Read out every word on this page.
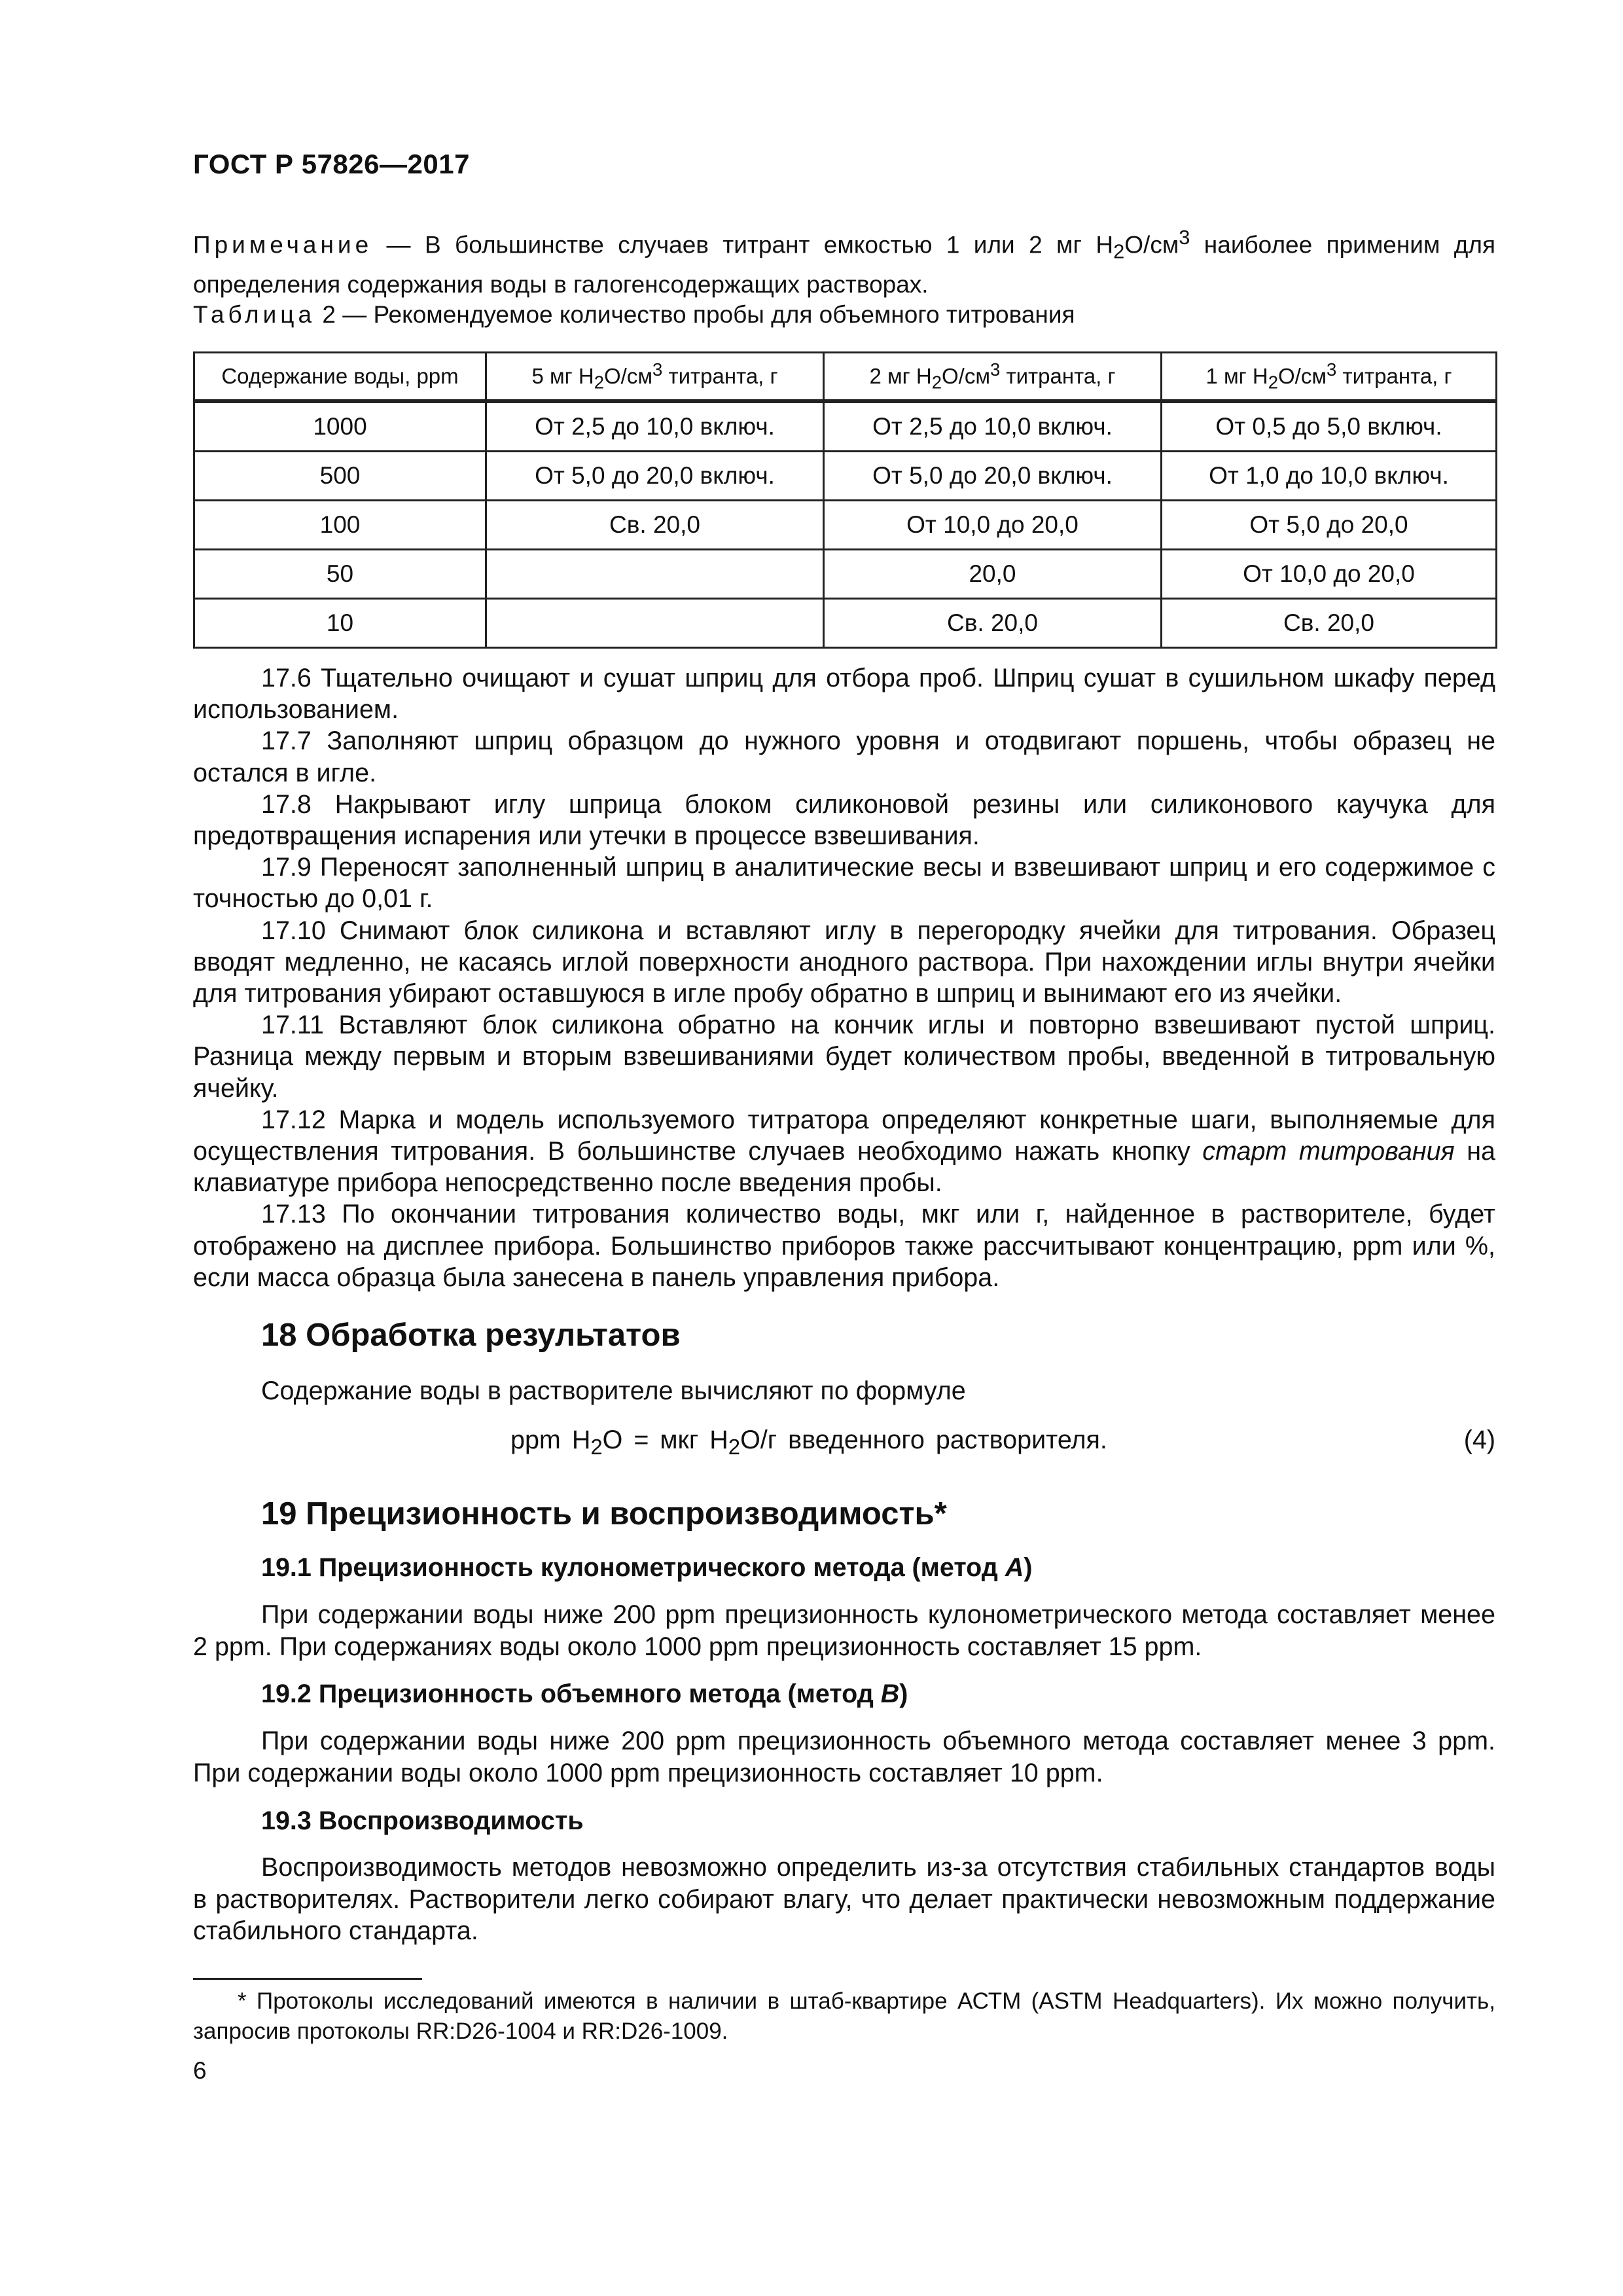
ГОСТ Р 57826—2017
Примечание — В большинстве случаев титрант емкостью 1 или 2 мг $H_2O/см^3$ наиболее применим для определения содержания воды в галогенсодержащих растворах.
Таблица 2 — Рекомендуемое количество пробы для объемного титрования
Содержание воды, ppm	5 мг $H_2O/см^3$ титранта, г	2 мг $H_2O/см^3$ титранта, г	1 мг $H_2O/см^3$ титранта, г
1000	От 2,5 до 10,0 включ.	От 2,5 до 10,0 включ.	От 0,5 до 5,0 включ.
500	От 5,0 до 20,0 включ.	От 5,0 до 20,0 включ.	От 1,0 до 10,0 включ.
100	Св. 20,0	От 10,0 до 20,0	От 5,0 до 20,0
50		20,0	От 10,0 до 20,0
10		Св. 20,0	Св. 20,0

17.6 Тщательно очищают и сушат шприц для отбора проб. Шприц сушат в сушильном шкафу перед использованием.

17.7 Заполняют шприц образцом до нужного уровня и отодвигают поршень, чтобы образец не остался в игле.

17.8 Накрывают иглу шприца блоком силиконовой резины или силиконового каучука для предотвращения испарения или утечки в процессе взвешивания.

17.9 Переносят заполненный шприц в аналитические весы и взвешивают шприц и его содержимое с точностью до 0,01 г.

17.10 Снимают блок силикона и вставляют иглу в перегородку ячейки для титрования. Образец вводят медленно, не касаясь иглой поверхности анодного раствора. При нахождении иглы внутри ячейки для титрования убирают оставшуюся в игле пробу обратно в шприц и вынимают его из ячейки.

17.11 Вставляют блок силикона обратно на кончик иглы и повторно взвешивают пустой шприц. Разница между первым и вторым взвешиваниями будет количеством пробы, введенной в титровальную ячейку.

17.12 Марка и модель используемого титратора определяют конкретные шаги, выполняемые для осуществления титрования. В большинстве случаев необходимо нажать кнопку старт титрования на клавиатуре прибора непосредственно после введения пробы.

17.13 По окончании титрования количество воды, мкг или г, найденное в растворителе, будет отображено на дисплее прибора. Большинство приборов также рассчитывают концентрацию, ppm или %, если масса образца была занесена в панель управления прибора.

18 Обработка результатов
Содержание воды в растворителе вычисляют по формуле
ppm $H_2O$ = мкг $H_2O/г$ введенного растворителя.	(4)
19 Прецизионность и воспроизводимость*
19.1 Прецизионность кулонометрического метода (метод A)

При содержании воды ниже 200 ppm прецизионность кулонометрического метода составляет менее 2 ppm. При содержаниях воды около 1000 ppm прецизионность составляет 15 ppm.

19.2 Прецизионность объемного метода (метод B)

При содержании воды ниже 200 ppm прецизионность объемного метода составляет менее 3 ppm. При содержании воды около 1000 ppm прецизионность составляет 10 ppm.

19.3 Воспроизводимость

Воспроизводимость методов невозможно определить из-за отсутствия стабильных стандартов воды в растворителях. Растворители легко собирают влагу, что делает практически невозможным поддержание стабильного стандарта.

* Протоколы исследований имеются в наличии в штаб-квартире АСТМ (ASTM Headquarters). Их можно получить, запросив протоколы RR:D26-1004 и RR:D26-1009.

6
